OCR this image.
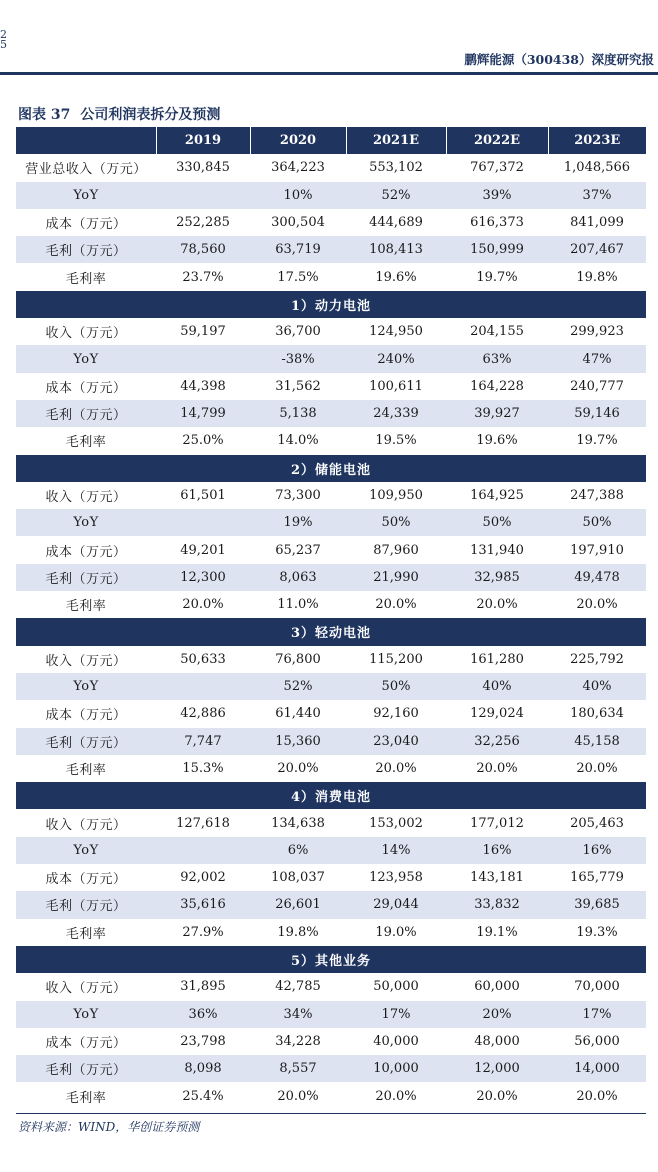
2
5
鹏辉能源（300438）深度研究报
图表 37 公司利润表拆分及预测
	2019	2020	2021E	2022E	2023E
营业总收入（万元）	330,845	364,223	553,102	767,372	1,048,566
YoY		10%	52%	39%	37%
成本（万元）	252,285	300,504	444,689	616,373	841,099
毛利（万元）	78,560	63,719	108,413	150,999	207,467
毛利率	23.7%	17.5%	19.6%	19.7%	19.8%
1）动力电池					
收入（万元）	59,197	36,700	124,950	204,155	299,923
YoY		-38%	240%	63%	47%
成本（万元）	44,398	31,562	100,611	164,228	240,777
毛利（万元）	14,799	5,138	24,339	39,927	59,146
毛利率	25.0%	14.0%	19.5%	19.6%	19.7%
2）储能电池					
收入（万元）	61,501	73,300	109,950	164,925	247,388
YoY		19%	50%	50%	50%
成本（万元）	49,201	65,237	87,960	131,940	197,910
毛利（万元）	12,300	8,063	21,990	32,985	49,478
毛利率	20.0%	11.0%	20.0%	20.0%	20.0%
3）轻动电池					
收入（万元）	50,633	76,800	115,200	161,280	225,792
YoY		52%	50%	40%	40%
成本（万元）	42,886	61,440	92,160	129,024	180,634
毛利（万元）	7,747	15,360	23,040	32,256	45,158
毛利率	15.3%	20.0%	20.0%	20.0%	20.0%
4）消费电池					
收入（万元）	127,618	134,638	153,002	177,012	205,463
YoY		6%	14%	16%	16%
成本（万元）	92,002	108,037	123,958	143,181	165,779
毛利（万元）	35,616	26,601	29,044	33,832	39,685
毛利率	27.9%	19.8%	19.0%	19.1%	19.3%
5）其他业务					
收入（万元）	31,895	42,785	50,000	60,000	70,000
YoY	36%	34%	17%	20%	17%
成本（万元）	23,798	34,228	40,000	48,000	56,000
毛利（万元）	8,098	8,557	10,000	12,000	14,000
毛利率	25.4%	20.0%	20.0%	20.0%	20.0%
资料来源：WIND，华创证券预测
